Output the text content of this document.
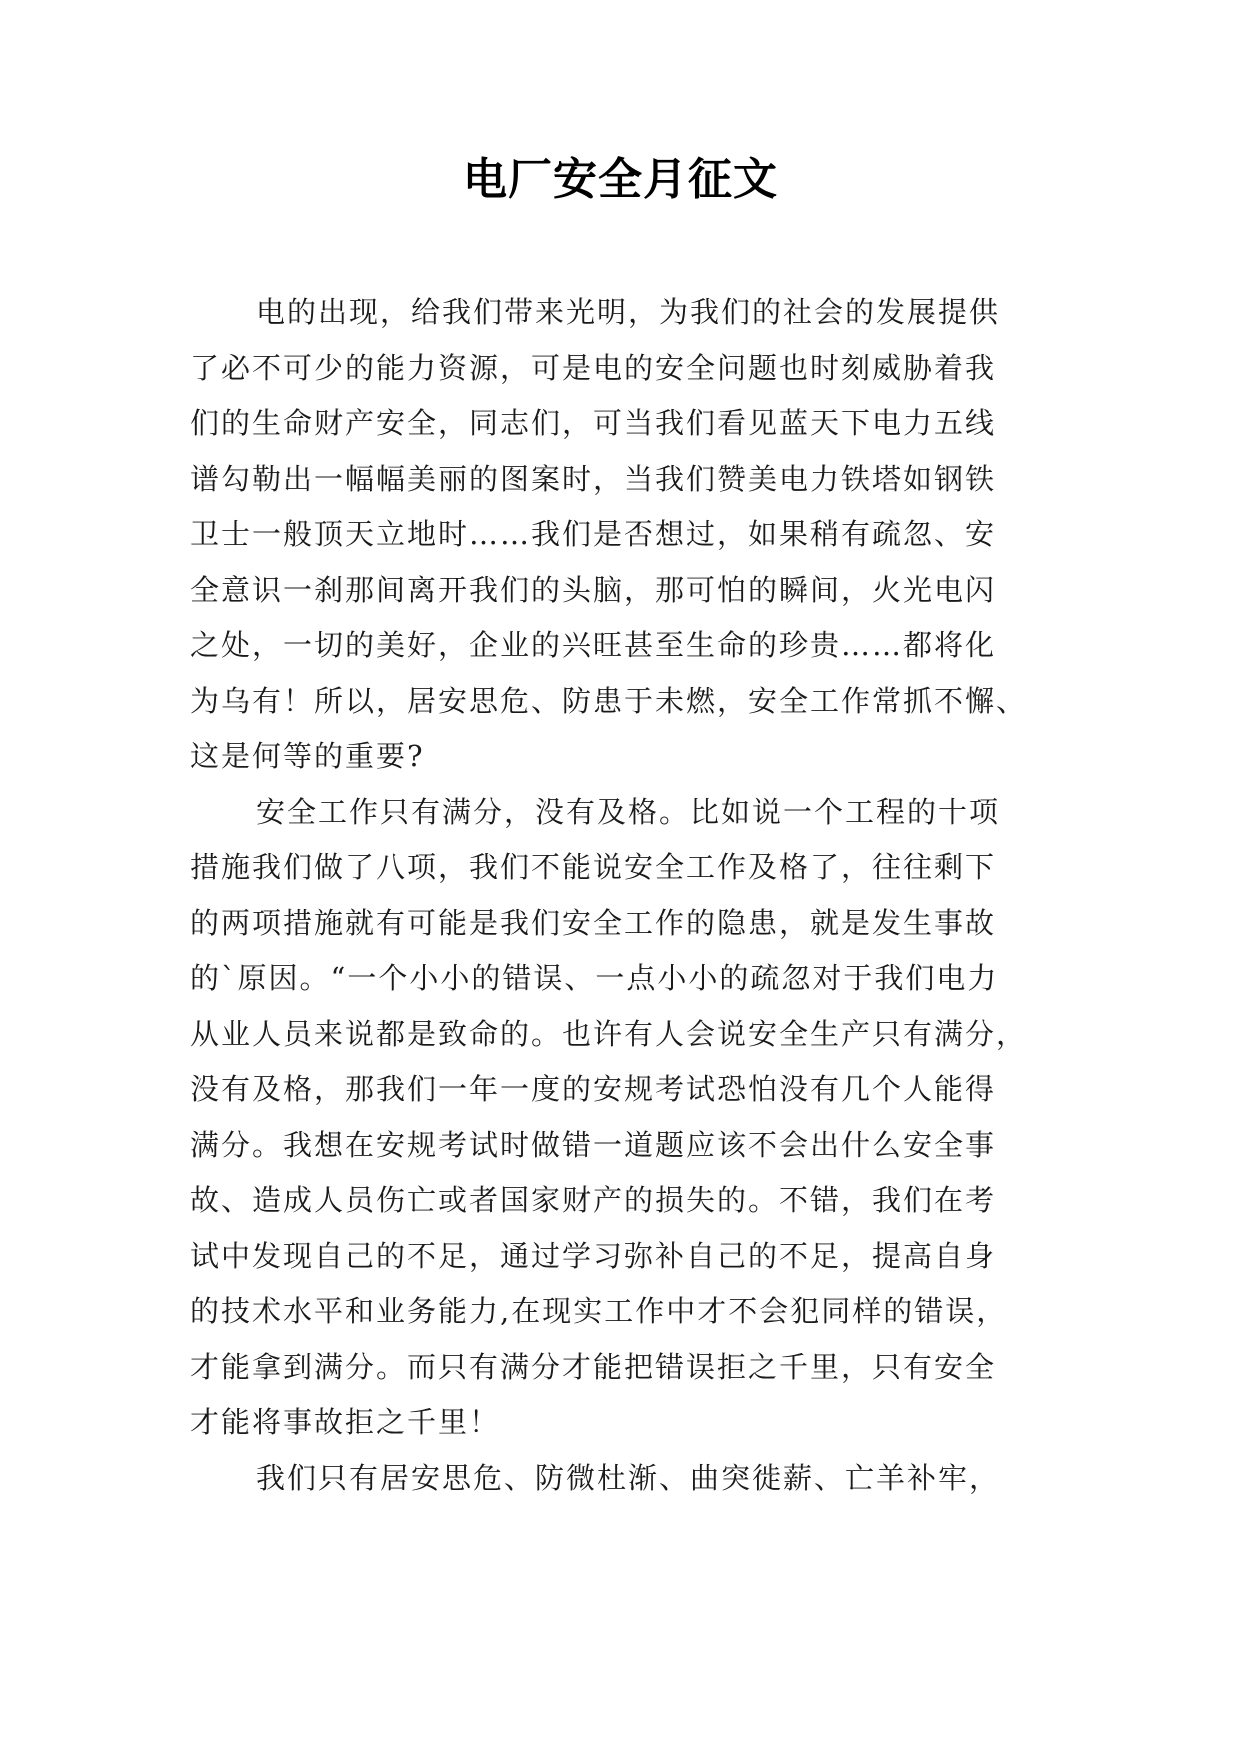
电厂安全月征文

电的出现，给我们带来光明，为我们的社会的发展提供
了必不可少的能力资源，可是电的安全问题也时刻威胁着我
们的生命财产安全，同志们，可当我们看见蓝天下电力五线
谱勾勒出一幅幅美丽的图案时，当我们赞美电力铁塔如钢铁
卫士一般顶天立地时……我们是否想过，如果稍有疏忽、安
全意识一刹那间离开我们的头脑，那可怕的瞬间，火光电闪
之处，一切的美好，企业的兴旺甚至生命的珍贵……都将化
为乌有！所以，居安思危、防患于未燃，安全工作常抓不懈、
这是何等的重要?

安全工作只有满分，没有及格。比如说一个工程的十项
措施我们做了八项，我们不能说安全工作及格了，往往剩下
的两项措施就有可能是我们安全工作的隐患，就是发生事故
的`原因。“一个小小的错误、一点小小的疏忽对于我们电力
从业人员来说都是致命的。也许有人会说安全生产只有满分，
没有及格，那我们一年一度的安规考试恐怕没有几个人能得
满分。我想在安规考试时做错一道题应该不会出什么安全事
故、造成人员伤亡或者国家财产的损失的。不错，我们在考
试中发现自己的不足，通过学习弥补自己的不足，提高自身
的技术水平和业务能力,在现实工作中才不会犯同样的错误，
才能拿到满分。而只有满分才能把错误拒之千里，只有安全
才能将事故拒之千里！

我们只有居安思危、防微杜渐、曲突徙薪、亡羊补牢，
